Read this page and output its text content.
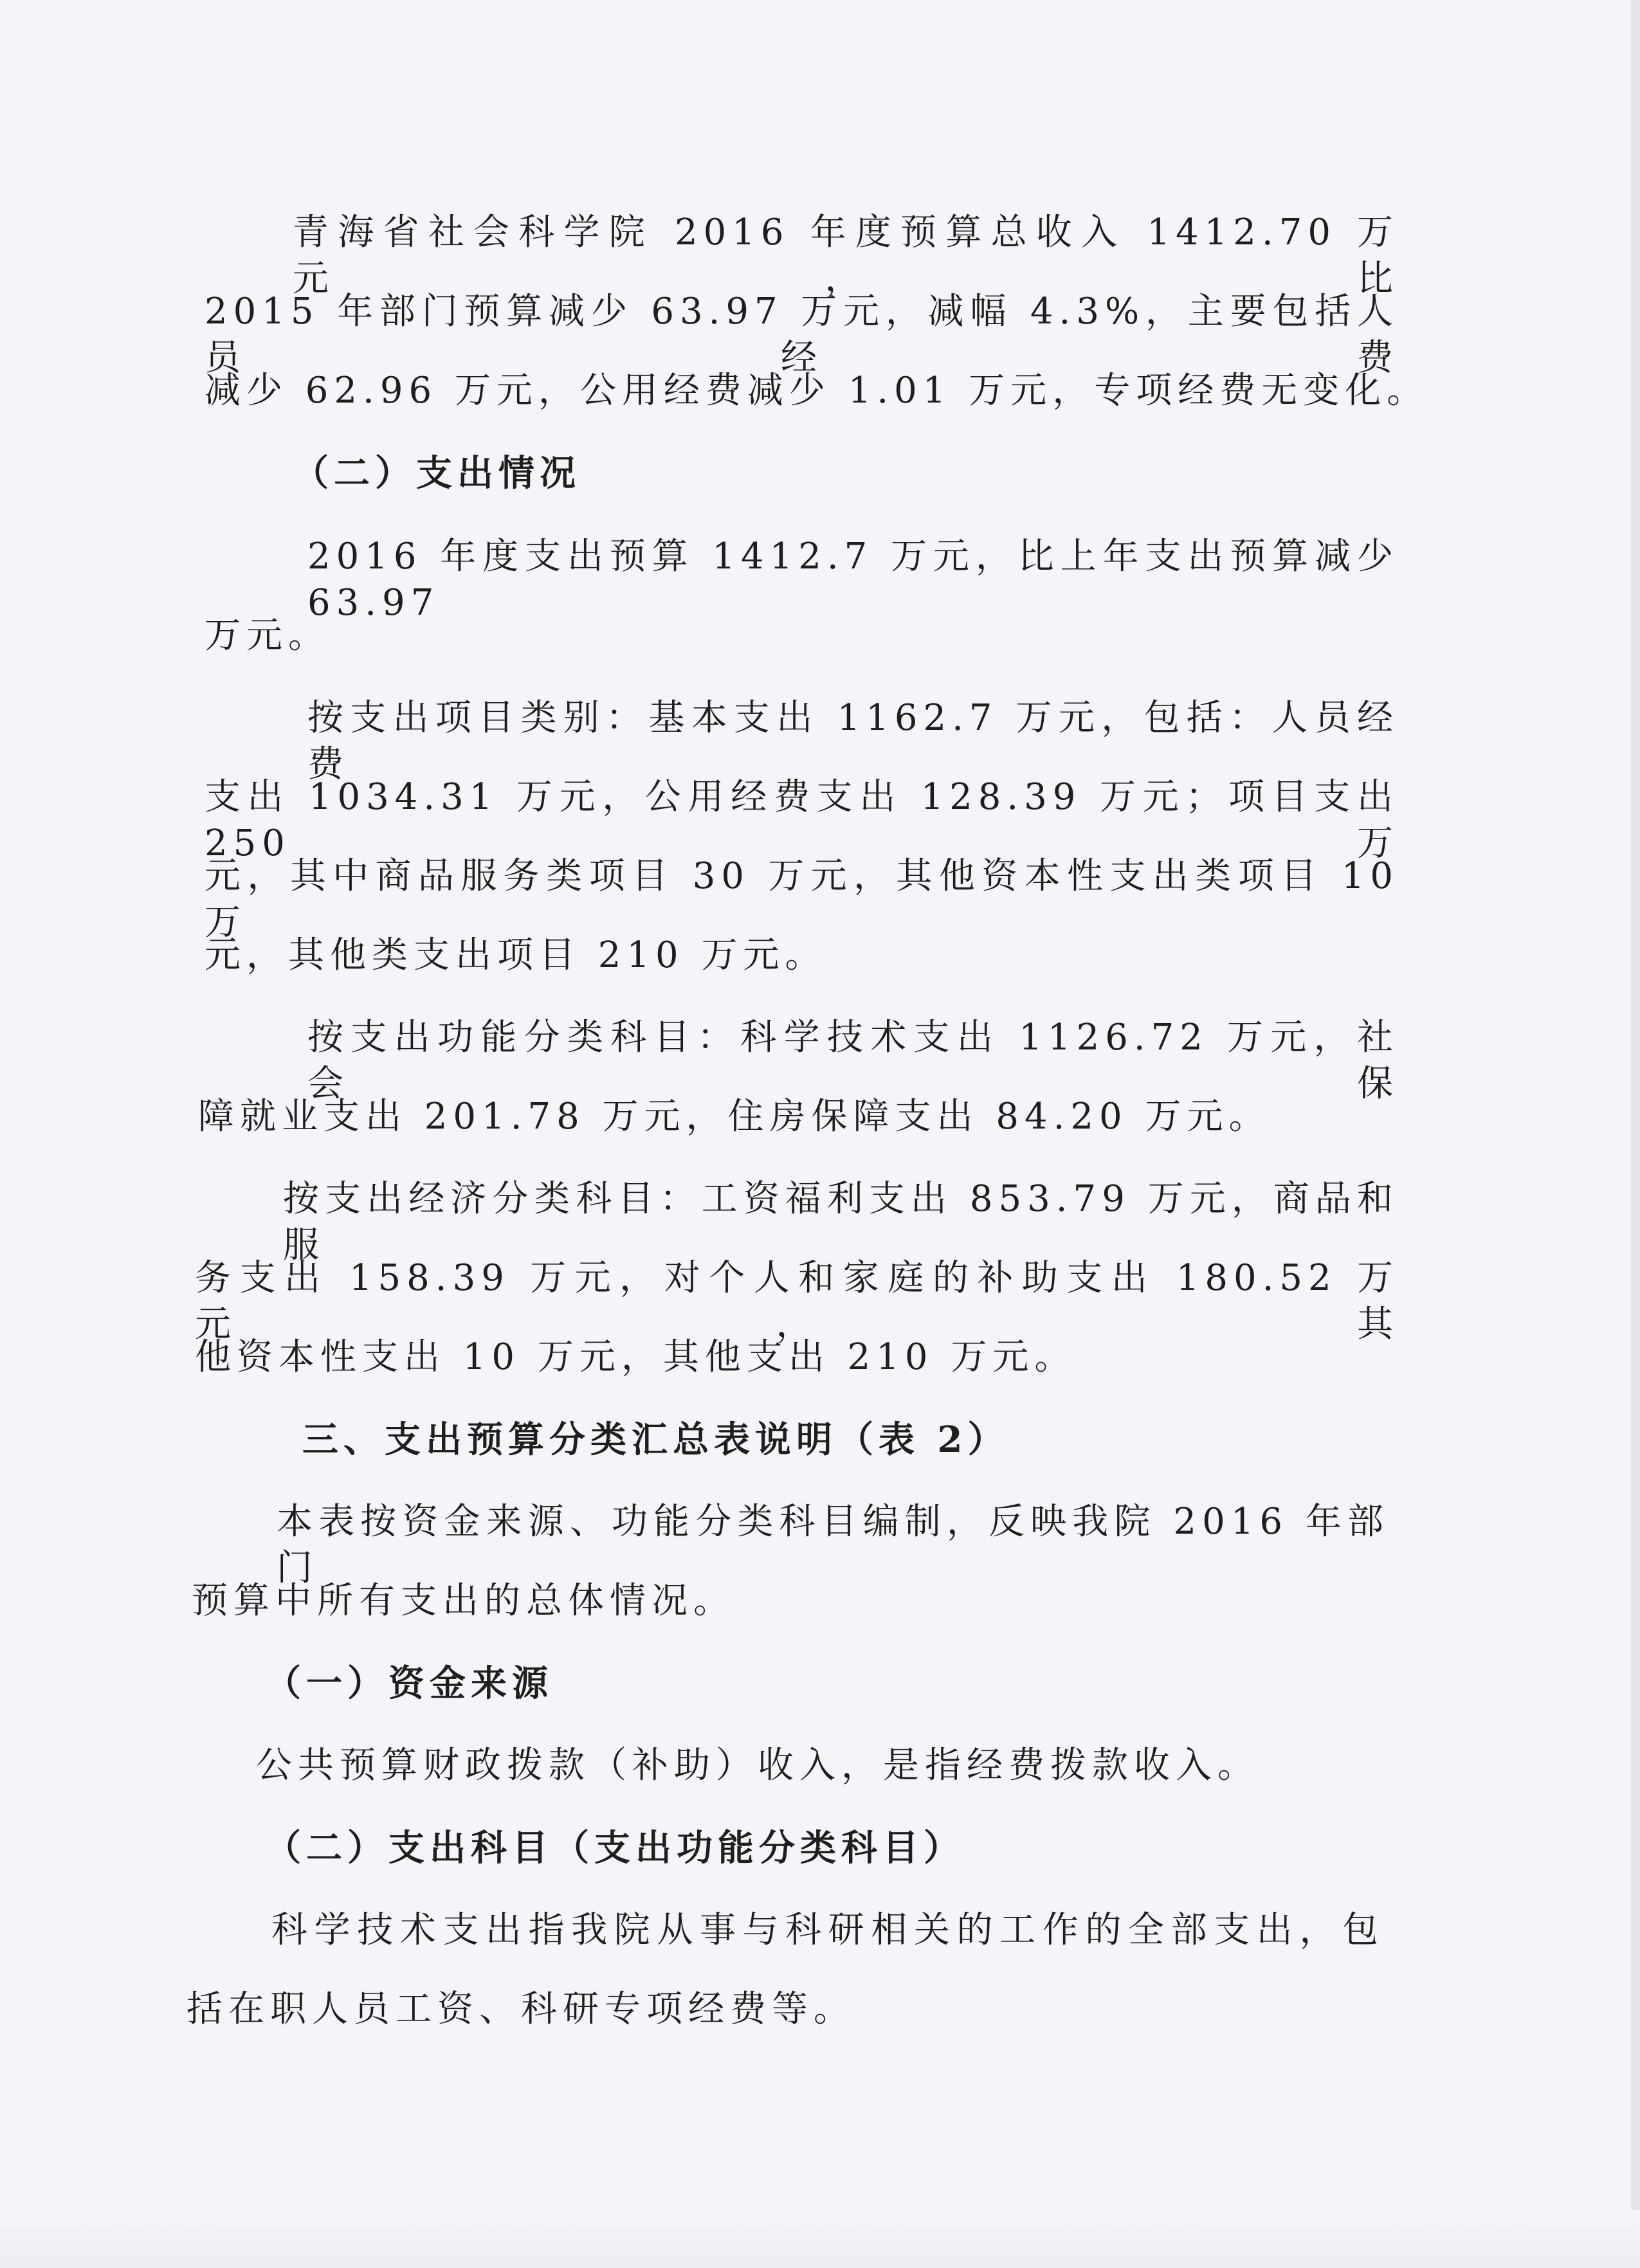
青海省社会科学院 2016 年度预算总收入 1412.70 万元，比
2015 年部门预算减少 63.97 万元，减幅 4.3%，主要包括人员经费
减少 62.96 万元，公用经费减少 1.01 万元，专项经费无变化。
（二）支出情况
2016 年度支出预算 1412.7 万元，比上年支出预算减少 63.97
万元。
按支出项目类别：基本支出 1162.7 万元，包括：人员经费
支出 1034.31 万元，公用经费支出 128.39 万元；项目支出 250 万
元，其中商品服务类项目 30 万元，其他资本性支出类项目 10 万
元，其他类支出项目 210 万元。
按支出功能分类科目：科学技术支出 1126.72 万元，社会保
障就业支出 201.78 万元，住房保障支出 84.20 万元。
按支出经济分类科目：工资福利支出 853.79 万元，商品和服
务支出 158.39 万元，对个人和家庭的补助支出 180.52 万元，其
他资本性支出 10 万元，其他支出 210 万元。
三、支出预算分类汇总表说明（表 2）
本表按资金来源、功能分类科目编制，反映我院 2016 年部门
预算中所有支出的总体情况。
（一）资金来源
公共预算财政拨款（补助）收入，是指经费拨款收入。
（二）支出科目（支出功能分类科目）
科学技术支出指我院从事与科研相关的工作的全部支出，包
括在职人员工资、科研专项经费等。
